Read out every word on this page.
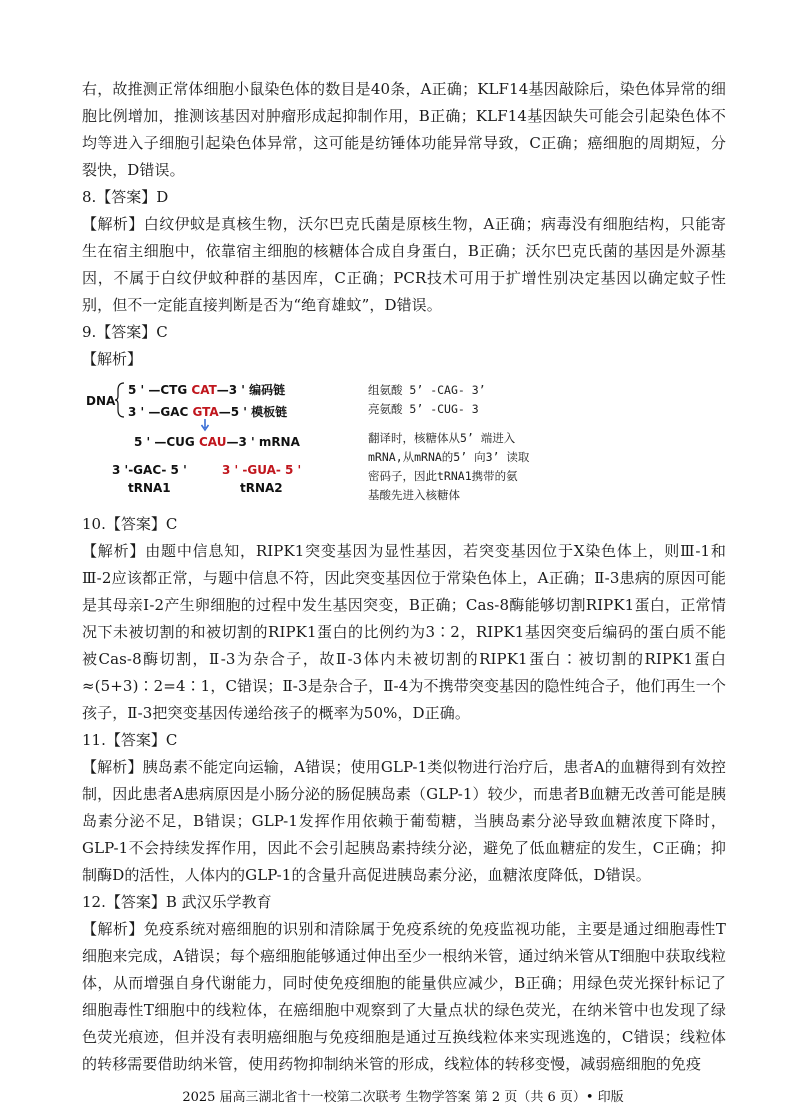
右，故推测正常体细胞小鼠染色体的数目是40条，A正确；KLF14基因敲除后，染色体异常的细胞比例增加，推测该基因对肿瘤形成起抑制作用，B正确；KLF14基因缺失可能会引起染色体不均等进入子细胞引起染色体异常，这可能是纺锤体功能异常导致，C正确；癌细胞的周期短，分裂快，D错误。

8.【答案】D

【解析】白纹伊蚊是真核生物，沃尔巴克氏菌是原核生物，A正确；病毒没有细胞结构，只能寄生在宿主细胞中，依靠宿主细胞的核糖体合成自身蛋白，B正确；沃尔巴克氏菌的基因是外源基因，不属于白纹伊蚊种群的基因库，C正确；PCR技术可用于扩增性别决定基因以确定蚊子性别，但不一定能直接判断是否为“绝育雄蚊”，D错误。

9.【答案】C

【解析】

DNA
5 ' —CTG CAT—3 ' 编码链
3 ' —GAC GTA—5 ' 模板链
5 ' —CUG CAU—3 ' mRNA
3 '-GAC- 5 '
tRNA1
3 ' -GUA- 5 '
tRNA2
组氨酸 5’ -CAG- 3’
亮氨酸 5’ -CUG- 3
翻译时，核糖体从5’ 端进入
mRNA,从mRNA的5’ 向3’ 读取
密码子，因此tRNA1携带的氨
基酸先进入核糖体

10.【答案】C

【解析】由题中信息知，RIPK1突变基因为显性基因，若突变基因位于X染色体上，则Ⅲ-1和Ⅲ-2应该都正常，与题中信息不符，因此突变基因位于常染色体上，A正确；Ⅱ-3患病的原因可能是其母亲Ⅰ-2产生卵细胞的过程中发生基因突变，B正确；Cas-8酶能够切割RIPK1蛋白，正常情况下未被切割的和被切割的RIPK1蛋白的比例约为3∶2，RIPK1基因突变后编码的蛋白质不能被Cas-8酶切割，Ⅱ-3为杂合子，故Ⅱ-3体内未被切割的RIPK1蛋白∶被切割的RIPK1蛋白≈(5+3)∶2=4∶1，C错误；Ⅱ-3是杂合子，Ⅱ-4为不携带突变基因的隐性纯合子，他们再生一个孩子，Ⅱ-3把突变基因传递给孩子的概率为50%，D正确。

11.【答案】C

【解析】胰岛素不能定向运输，A错误；使用GLP-1类似物进行治疗后，患者A的血糖得到有效控制，因此患者A患病原因是小肠分泌的肠促胰岛素（GLP-1）较少，而患者B血糖无改善可能是胰岛素分泌不足，B错误；GLP-1发挥作用依赖于葡萄糖，当胰岛素分泌导致血糖浓度下降时，GLP-1不会持续发挥作用，因此不会引起胰岛素持续分泌，避免了低血糖症的发生，C正确；抑制酶D的活性，人体内的GLP-1的含量升高促进胰岛素分泌，血糖浓度降低，D错误。

12.【答案】B 武汉乐学教育

【解析】免疫系统对癌细胞的识别和清除属于免疫系统的免疫监视功能，主要是通过细胞毒性T细胞来完成，A错误；每个癌细胞能够通过伸出至少一根纳米管，通过纳米管从T细胞中获取线粒体，从而增强自身代谢能力，同时使免疫细胞的能量供应减少，B正确；用绿色荧光探针标记了细胞毒性T细胞中的线粒体，在癌细胞中观察到了大量点状的绿色荧光，在纳米管中也发现了绿色荧光痕迹，但并没有表明癌细胞与免疫细胞是通过互换线粒体来实现逃逸的，C错误；线粒体的转移需要借助纳米管，使用药物抑制纳米管的形成，线粒体的转移变慢，减弱癌细胞的免疫

2025 届高三湖北省十一校第二次联考 生物学答案 第 2 页（共 6 页）• 印版
